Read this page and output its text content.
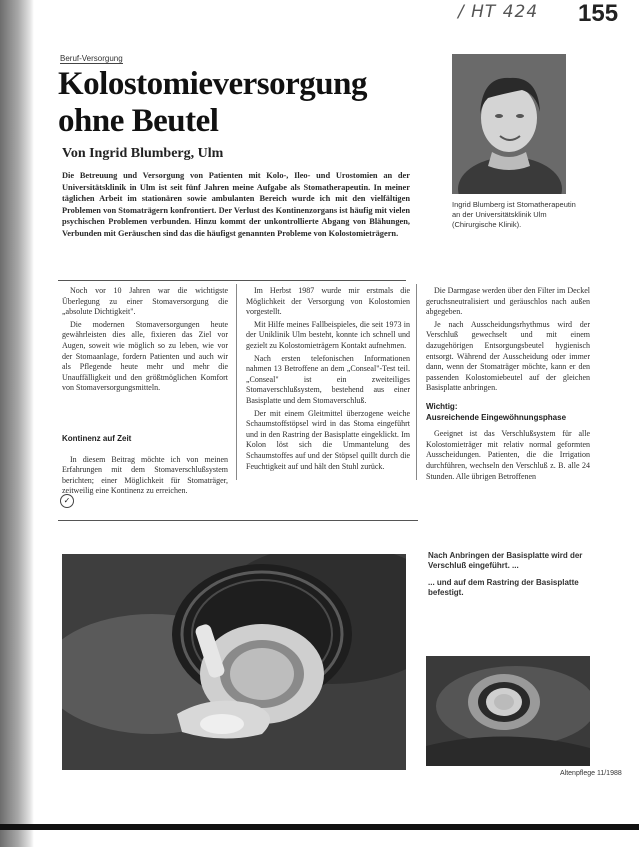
/ HT 424 155
Beruf-Versorgung
Kolostomieversorgung
ohne Beutel
Von Ingrid Blumberg, Ulm
Die Betreuung und Versorgung von Patienten mit Kolo-, Ileo- und Urostomien an der Universitätsklinik in Ulm ist seit fünf Jahren meine Aufgabe als Stomatherapeutin. In meiner täglichen Arbeit im stationären sowie ambulanten Bereich wurde ich mit den vielfältigen Problemen von Stomaträgern konfrontiert. Der Verlust des Kontinenzorgans ist häufig mit vielen psychischen Problemen verbunden. Hinzu kommt der unkontrollierte Abgang von Blähungen, Verbunden mit Geräuschen sind das die häufigst genannten Probleme von Kolostomieträgern.
Ingrid Blumberg ist Stomatherapeutin an der Universitätsklinik Ulm (Chirurgische Klinik).

Noch vor 10 Jahren war die wichtigste Überlegung zu einer Stomaversorgung die „absolute Dichtigkeit".

Die modernen Stomaversorgungen heute gewährleisten dies alle, fixieren das Ziel vor Augen, soweit wie möglich so zu leben, wie vor der Stomaanlage, fordern Patienten und auch wir als Pflegende heute mehr und mehr die Unauffälligkeit und den größtmöglichen Komfort von Stomaversorgungsmitteln.

Kontinenz auf Zeit

In diesem Beitrag möchte ich von meinen Erfahrungen mit dem Stomaverschlußsystem berichten; einer Möglichkeit für Stomaträger, zeitweilig eine Kontinenz zu erreichen.

✓

Im Herbst 1987 wurde mir erstmals die Möglichkeit der Versorgung von Kolostomien vorgestellt.

Mit Hilfe meines Fallbeispieles, die seit 1973 in der Uniklinik Ulm besteht, konnte ich schnell und gezielt zu Kolostomieträgern Kontakt aufnehmen.

Nach ersten telefonischen Informationen nahmen 13 Betroffene an dem „Conseal"-Test teil. „Conseal" ist ein zweiteiliges Stomaverschlußsystem, bestehend aus einer Basisplatte und dem Stomaverschluß.

Der mit einem Gleitmittel überzogene weiche Schaumstoffstöpsel wird in das Stoma eingeführt und in den Rastring der Basisplatte eingeklickt. Im Kolon löst sich die Ummantelung des Schaumstoffes auf und der Stöpsel quillt durch die Feuchtigkeit auf und hält den Stuhl zurück.

Die Darmgase werden über den Filter im Deckel geruchsneutralisiert und geräuschlos nach außen abgegeben.

Je nach Ausscheidungsrhythmus wird der Verschluß gewechselt und mit einem dazugehörigen Entsorgungsbeutel hygienisch entsorgt. Während der Ausscheidung oder immer dann, wenn der Stomaträger möchte, kann er den passenden Kolostomiebeutel auf der gleichen Basisplatte anbringen.

Wichtig:
Ausreichende Eingewöhnungsphase

Geeignet ist das Verschlußsystem für alle Kolostomieträger mit relativ normal geformten Ausscheidungen. Patienten, die die Irrigation durchführen, wechseln den Verschluß z. B. alle 24 Stunden. Alle übrigen Betroffenen

Nach Anbringen der Basisplatte wird der Verschluß eingeführt. ...
... und auf dem Rastring der Basisplatte befestigt.
Altenpflege 11/1988
